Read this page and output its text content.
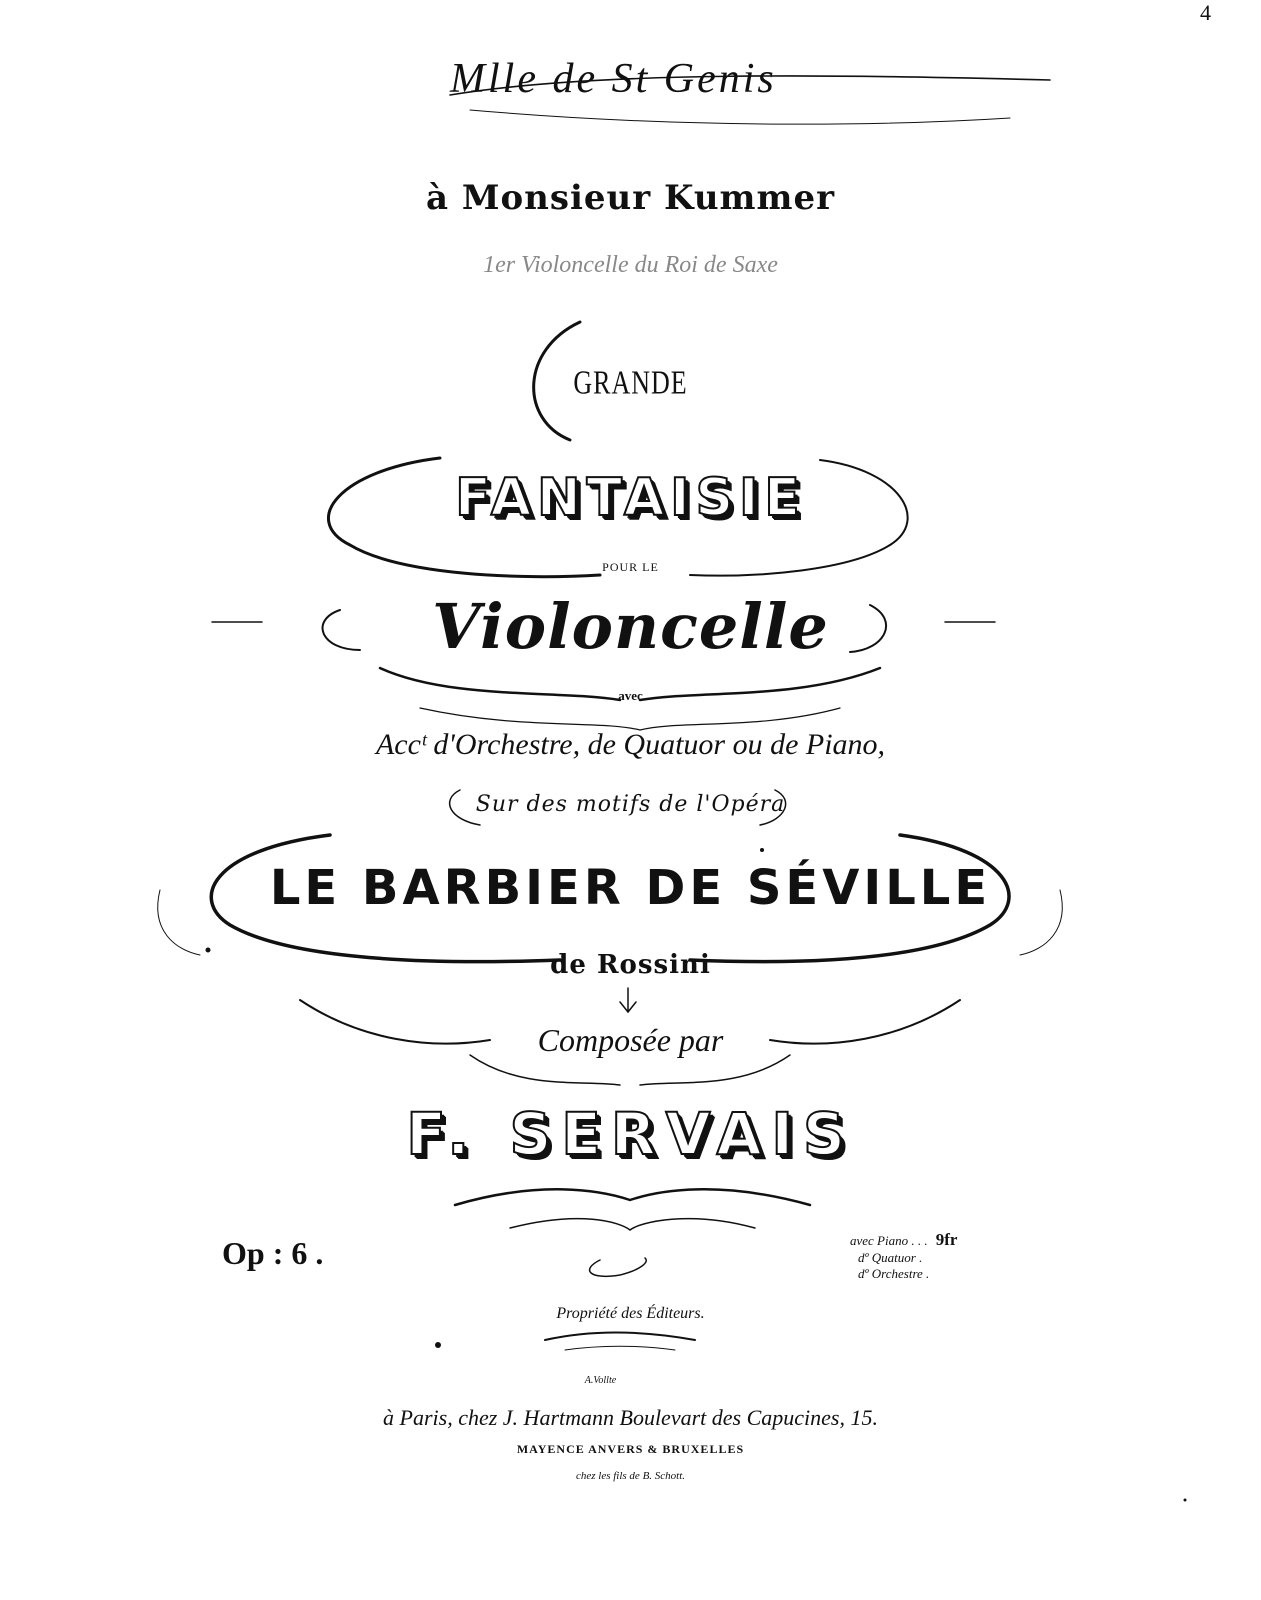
4
Mlle de St Genis
à Monsieur Kummer
1er Violoncelle du Roi de Saxe
GRANDE
FANTAISIE
POUR LE
Violoncelle
avec
Accᵗ d'Orchestre, de Quatuor ou de Piano,
Sur des motifs de l'Opéra
LE BARBIER DE SÉVILLE
de Rossini
Composée par
F. SERVAIS
Op : 6 .	avec Piano . . . 9fr
dº Quatuor .
dº Orchestre .
Propriété des Éditeurs.
A.Vollte
à Paris, chez J. Hartmann Boulevart des Capucines, 15.
MAYENCE ANVERS & BRUXELLES
chez les fils de B. Schott.
